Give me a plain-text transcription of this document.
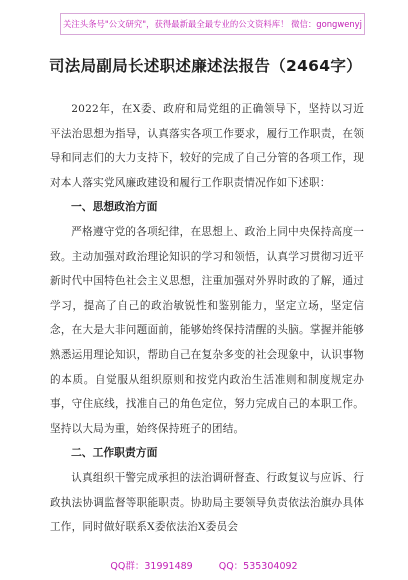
关注头条号"公文研究"，获得最新最全最专业的公文资料库！ 微信：gongwenyj
司法局副局长述职述廉述法报告（2464字）

2022年，在X委、政府和局党组的正确领导下，坚持以习近平法治思想为指导，认真落实各项工作要求，履行工作职责，在领导和同志们的大力支持下，较好的完成了自己分管的各项工作，现对本人落实党风廉政建设和履行工作职责情况作如下述职：

一、思想政治方面

严格遵守党的各项纪律，在思想上、政治上同中央保持高度一致。主动加强对政治理论知识的学习和领悟，认真学习贯彻习近平新时代中国特色社会主义思想，注重加强对外界时政的了解，通过学习，提高了自己的政治敏锐性和鉴别能力，坚定立场，坚定信念，在大是大非问题面前，能够始终保持清醒的头脑。掌握并能够熟悉运用理论知识，帮助自己在复杂多变的社会现象中，认识事物的本质。自觉服从组织原则和按党内政治生活准则和制度规定办事，守住底线，找准自己的角色定位，努力完成自己的本职工作。坚持以大局为重，始终保持班子的团结。

二、工作职责方面

认真组织干警完成承担的法治调研督查、行政复议与应诉、行政执法协调监督等职能职责。协助局主要领导负责依法治旗办具体工作，同时做好联系X委依法治X委员会

QQ群：31991489	QQ：535304092
